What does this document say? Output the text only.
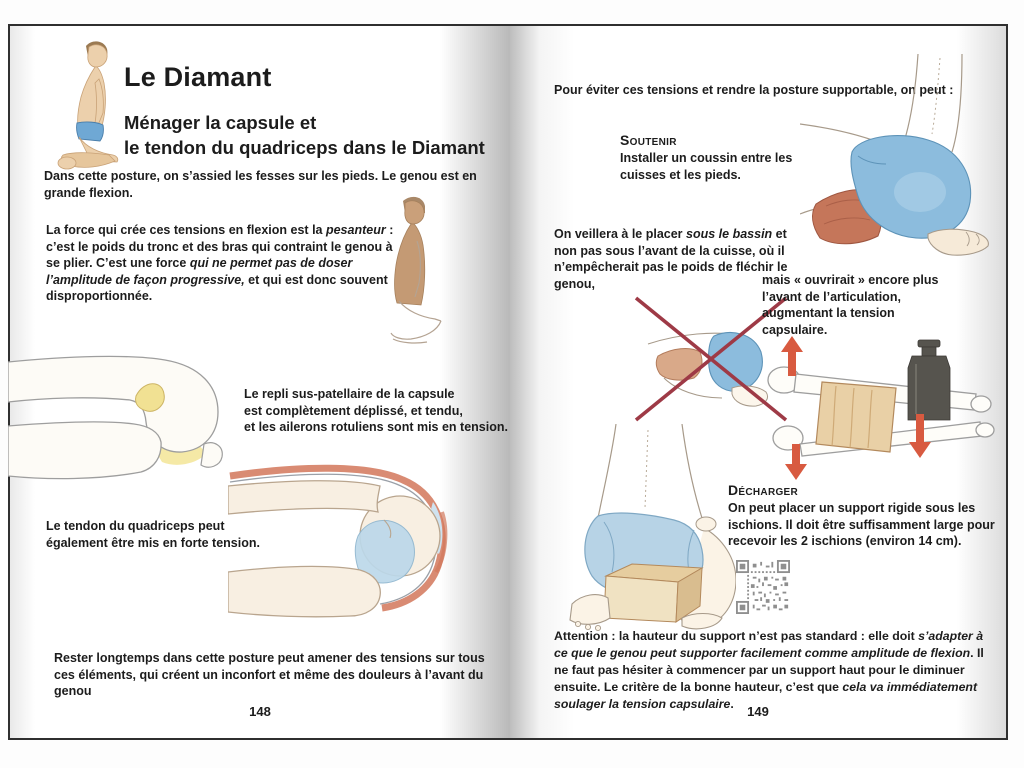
Le Diamant
Ménager la capsule et
le tendon du quadriceps dans le Diamant
Dans cette posture, on s’assied les fesses sur les pieds. Le genou est en grande flexion.

La force qui crée ces tensions en flexion est la pesanteur : c’est le poids du tronc et des bras qui contraint le genou à se plier. C’est une force qui ne permet pas de doser l’amplitude de façon progressive, et qui est donc souvent disproportionnée.

Le repli sus-patellaire de la capsule
est complètement déplissé, et tendu,
et les ailerons rotuliens sont mis en tension.
Le tendon du quadriceps peut
également être mis en forte tension.
Rester longtemps dans cette posture peut amener des tensions sur tous ces éléments, qui créent un inconfort et même des douleurs à l’avant du genou
148
Pour éviter ces tensions et rendre la posture supportable, on peut :
Soutenir
Installer un coussin entre les cuisses et les pieds.

On veillera à le placer sous le bassin et non pas sous l’avant de la cuisse, où il n’empêcherait pas le poids de fléchir le genou,	mais « ouvrirait » encore plus l’avant de l’articulation, augmentant la tension capsulaire.
Décharger
On peut placer un support rigide sous les ischions. Il doit être suffisamment large pour recevoir les 2 ischions (environ 14 cm).

Attention : la hauteur du support n’est pas standard : elle doit s’adapter à ce que le genou peut supporter facilement comme amplitude de flexion. Il ne faut pas hésiter à commencer par un support haut pour le diminuer ensuite. Le critère de la bonne hauteur, c’est que cela va immédiatement soulager la tension capsulaire.	149
